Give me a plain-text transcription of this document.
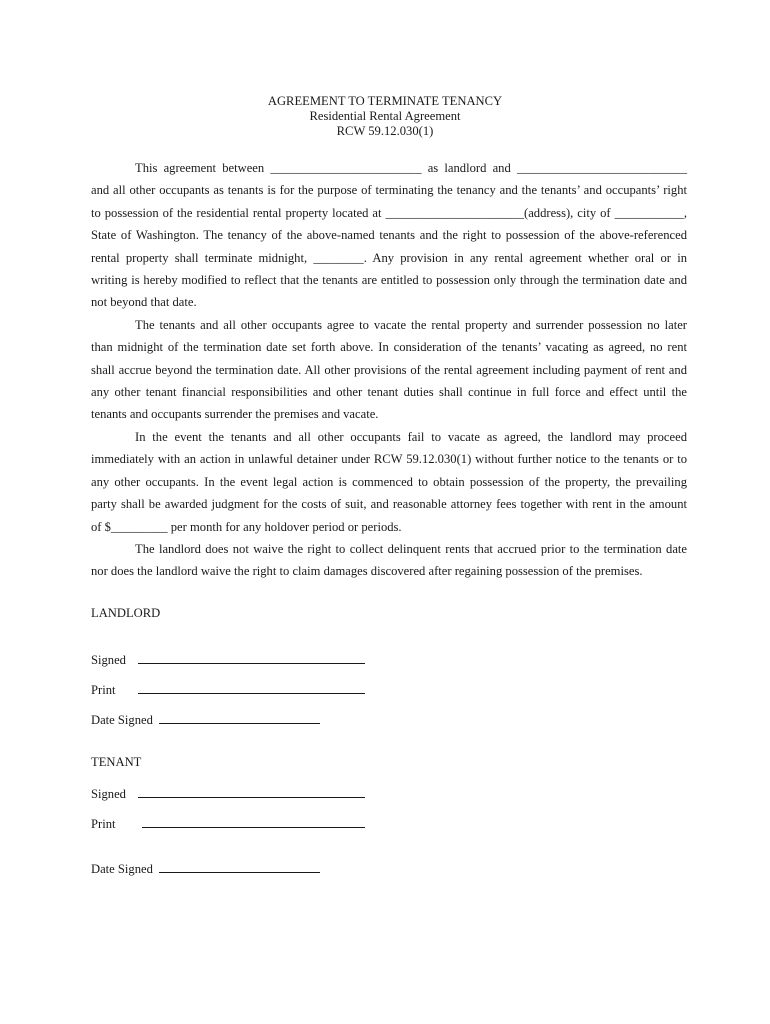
AGREEMENT TO TERMINATE TENANCY
Residential Rental Agreement
RCW 59.12.030(1)
This agreement between ________________________ as landlord and ___________________________
and all other occupants as tenants is for the purpose of terminating the tenancy and the tenants’ and occupants’ right
to possession of the residential rental property located at ______________________(address), city of ___________,
State of Washington. The tenancy of the above-named tenants and the right to possession of the above-referenced
rental property shall terminate midnight, ________. Any provision in any rental agreement whether oral or in
writing is hereby modified to reflect that the tenants are entitled to possession only through the termination date and
not beyond that date.
The tenants and all other occupants agree to vacate the rental property and surrender possession no later
than midnight of the termination date set forth above. In consideration of the tenants’ vacating as agreed, no rent
shall accrue beyond the termination date. All other provisions of the rental agreement including payment of rent and
any other tenant financial responsibilities and other tenant duties shall continue in full force and effect until the
tenants and occupants surrender the premises and vacate.
In the event the tenants and all other occupants fail to vacate as agreed, the landlord may proceed
immediately with an action in unlawful detainer under RCW 59.12.030(1) without further notice to the tenants or to
any other occupants. In the event legal action is commenced to obtain possession of the property, the prevailing
party shall be awarded judgment for the costs of suit, and reasonable attorney fees together with rent in the amount
of $_________ per month for any holdover period or periods.
The landlord does not waive the right to collect delinquent rents that accrued prior to the termination date
nor does the landlord waive the right to claim damages discovered after regaining possession of the premises.
LANDLORD
Signed
Print
Date Signed
TENANT
Signed
Print
Date Signed
